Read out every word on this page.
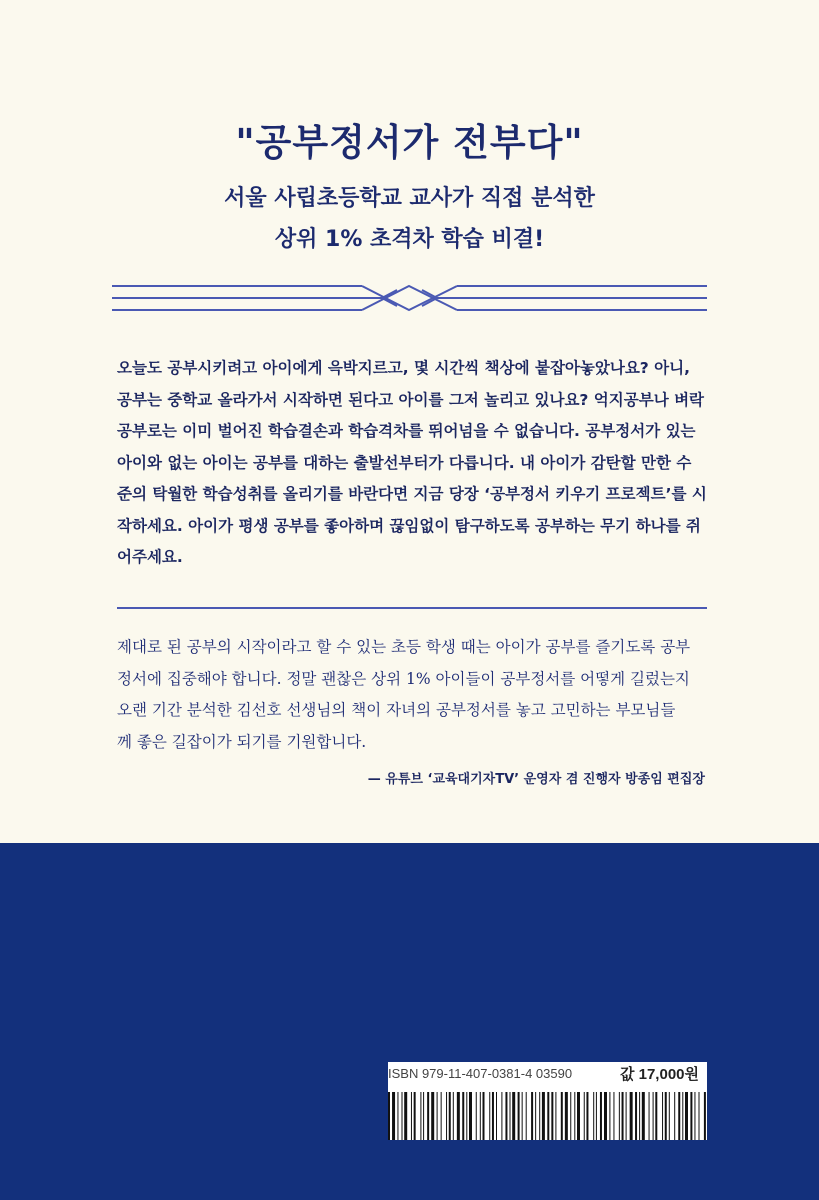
"공부정서가 전부다"
서울 사립초등학교 교사가 직접 분석한
상위 1% 초격차 학습 비결!
오늘도 공부시키려고 아이에게 윽박지르고, 몇 시간씩 책상에 붙잡아놓았나요? 아니,
공부는 중학교 올라가서 시작하면 된다고 아이를 그저 놀리고 있나요? 억지공부나 벼락
공부로는 이미 벌어진 학습결손과 학습격차를 뛰어넘을 수 없습니다. 공부정서가 있는
아이와 없는 아이는 공부를 대하는 출발선부터가 다릅니다. 내 아이가 감탄할 만한 수
준의 탁월한 학습성취를 올리기를 바란다면 지금 당장 ‘공부정서 키우기 프로젝트’를 시
작하세요. 아이가 평생 공부를 좋아하며 끊임없이 탐구하도록 공부하는 무기 하나를 쥐
어주세요.
제대로 된 공부의 시작이라고 할 수 있는 초등 학생 때는 아이가 공부를 즐기도록 공부
정서에 집중해야 합니다. 정말 괜찮은 상위 1% 아이들이 공부정서를 어떻게 길렀는지
오랜 기간 분석한 김선호 선생님의 책이 자녀의 공부정서를 놓고 고민하는 부모님들
께 좋은 길잡이가 되기를 기원합니다.
— 유튜브 ‘교육대기자TV’ 운영자 겸 진행자 방종임 편집장
ISBN 979-11-407-0381-4 03590	값 17,000원
